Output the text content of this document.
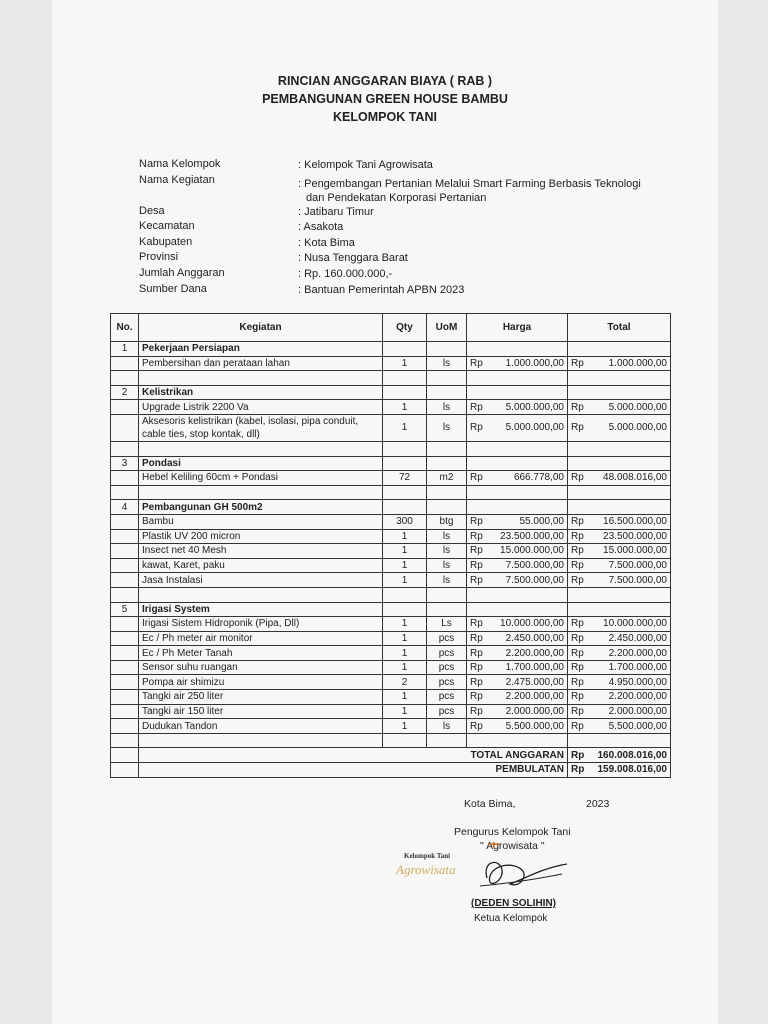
RINCIAN ANGGARAN BIAYA ( RAB )
PEMBANGUNAN GREEN HOUSE BAMBU
KELOMPOK TANI
Nama Kelompok	: Kelompok Tani Agrowisata
Nama Kegiatan	: Pengembangan Pertanian Melalui Smart Farming Berbasis Teknologi
dan Pendekatan Korporasi Pertanian
Desa	: Jatibaru Timur
Kecamatan	: Asakota
Kabupaten	: Kota Bima
Provinsi	: Nusa Tenggara Barat
Jumlah Anggaran	: Rp. 160.000.000,-
Sumber Dana	: Bantuan Pemerintah APBN 2023
No.	Kegiatan	Qty	UoM	Harga		Total	
1	Pekerjaan Persiapan						
	Pembersihan dan perataan lahan	1	ls	Rp	1.000.000,00	Rp	1.000.000,00

2	Kelistrikan						
	Upgrade Listrik 2200 Va	1	ls	Rp	5.000.000,00	Rp	5.000.000,00
	Aksesoris kelistrikan (kabel, isolasi, pipa conduit, cable ties, stop kontak, dll)	1	ls	Rp	5.000.000,00	Rp	5.000.000,00

3	Pondasi						
	Hebel Keliling 60cm + Pondasi	72	m2	Rp	666.778,00	Rp	48.008.016,00

4	Pembangunan GH 500m2						
	Bambu	300	btg	Rp	55.000,00	Rp	16.500.000,00
	Plastik UV 200 micron	1	ls	Rp	23.500.000,00	Rp	23.500.000,00
	Insect net 40 Mesh	1	ls	Rp	15.000.000,00	Rp	15.000.000,00
	kawat, Karet, paku	1	ls	Rp	7.500.000,00	Rp	7.500.000,00
	Jasa Instalasi	1	ls	Rp	7.500.000,00	Rp	7.500.000,00

5	Irigasi System						
	Irigasi Sistem Hidroponik (Pipa, Dll)	1	Ls	Rp	10.000.000,00	Rp	10.000.000,00
	Ec / Ph meter air monitor	1	pcs	Rp	2.450.000,00	Rp	2.450.000,00
	Ec / Ph Meter Tanah	1	pcs	Rp	2.200.000,00	Rp	2.200.000,00
	Sensor suhu ruangan	1	pcs	Rp	1.700.000,00	Rp	1.700.000,00
	Pompa air shimizu	2	pcs	Rp	2.475.000,00	Rp	4.950.000,00
	Tangki air 250 liter	1	pcs	Rp	2.200.000,00	Rp	2.200.000,00
	Tangki air 150 liter	1	pcs	Rp	2.000.000,00	Rp	2.000.000,00
	Dudukan Tandon	1	ls	Rp	5.500.000,00	Rp	5.500.000,00

	TOTAL ANGGARAN					Rp	160.008.016,00
	PEMBULATAN					Rp	159.008.016,00
Kota Bima,	2023
Pengurus Kelompok Tani
" Agrowisata "
Kelompok Tani
Agrowisata
(DEDEN SOLIHIN)
Ketua Kelompok
